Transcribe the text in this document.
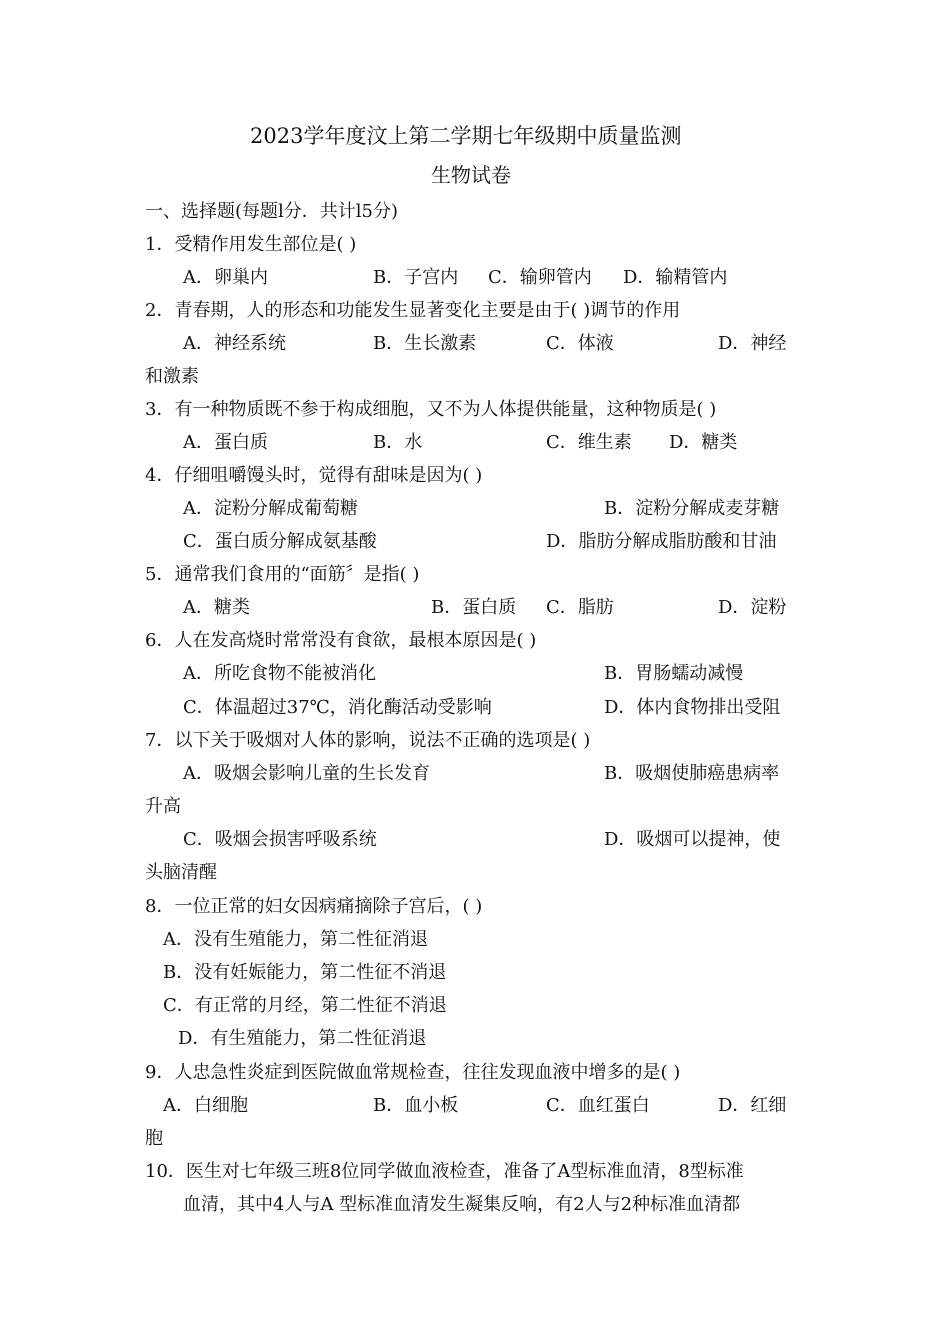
2023学年度汶上第二学期七年级期中质量监测
生物试卷
一、选择题(每题l分．共计l5分)
1．受精作用发生部位是( )
A．卵巢内	B．子宫内 C．输卵管内 D．输精管内
2．青春期，人的形态和功能发生显著变化主要是由于( )调节的作用
A．神经系统	B．生长激素	C．体液	D．神经
和激素
3．有一种物质既不参于构成细胞，又不为人体提供能量，这种物质是( )
A．蛋白质	B．水	C．维生素 D．糖类
4．仔细咀嚼馒头时，觉得有甜味是因为( )
A．淀粉分解成葡萄糖	B．淀粉分解成麦芽糖
C．蛋白质分解成氨基酸	D．脂肪分解成脂肪酸和甘油
5．通常我们食用的“面筋〞是指( )
A．糖类	B．蛋白质 C．脂肪	D．淀粉
6．人在发高烧时常常没有食欲，最根本原因是( )
A．所吃食物不能被消化	B．胃肠蠕动减慢
C．体温超过37℃，消化酶活动受影响	D．体内食物排出受阻
7．以下关于吸烟对人体的影响，说法不正确的选项是( )
A．吸烟会影响儿童的生长发育	B．吸烟使肺癌患病率
升高
C．吸烟会损害呼吸系统	D．吸烟可以提神，使
头脑清醒
8．一位正常的妇女因病痛摘除子宫后，( )
A．没有生殖能力，第二性征消退
B．没有妊娠能力，第二性征不消退
C．有正常的月经，第二性征不消退
D．有生殖能力，第二性征消退
9．人忠急性炎症到医院做血常规检查，往往发现血液中增多的是( )
A．白细胞	B．血小板	C．血红蛋白	D．红细
胞
10．医生对七年级三班8位同学做血液检查，准备了A型标准血清，8型标准
血清，其中4人与A 型标准血清发生凝集反响，有2人与2种标准血清都
